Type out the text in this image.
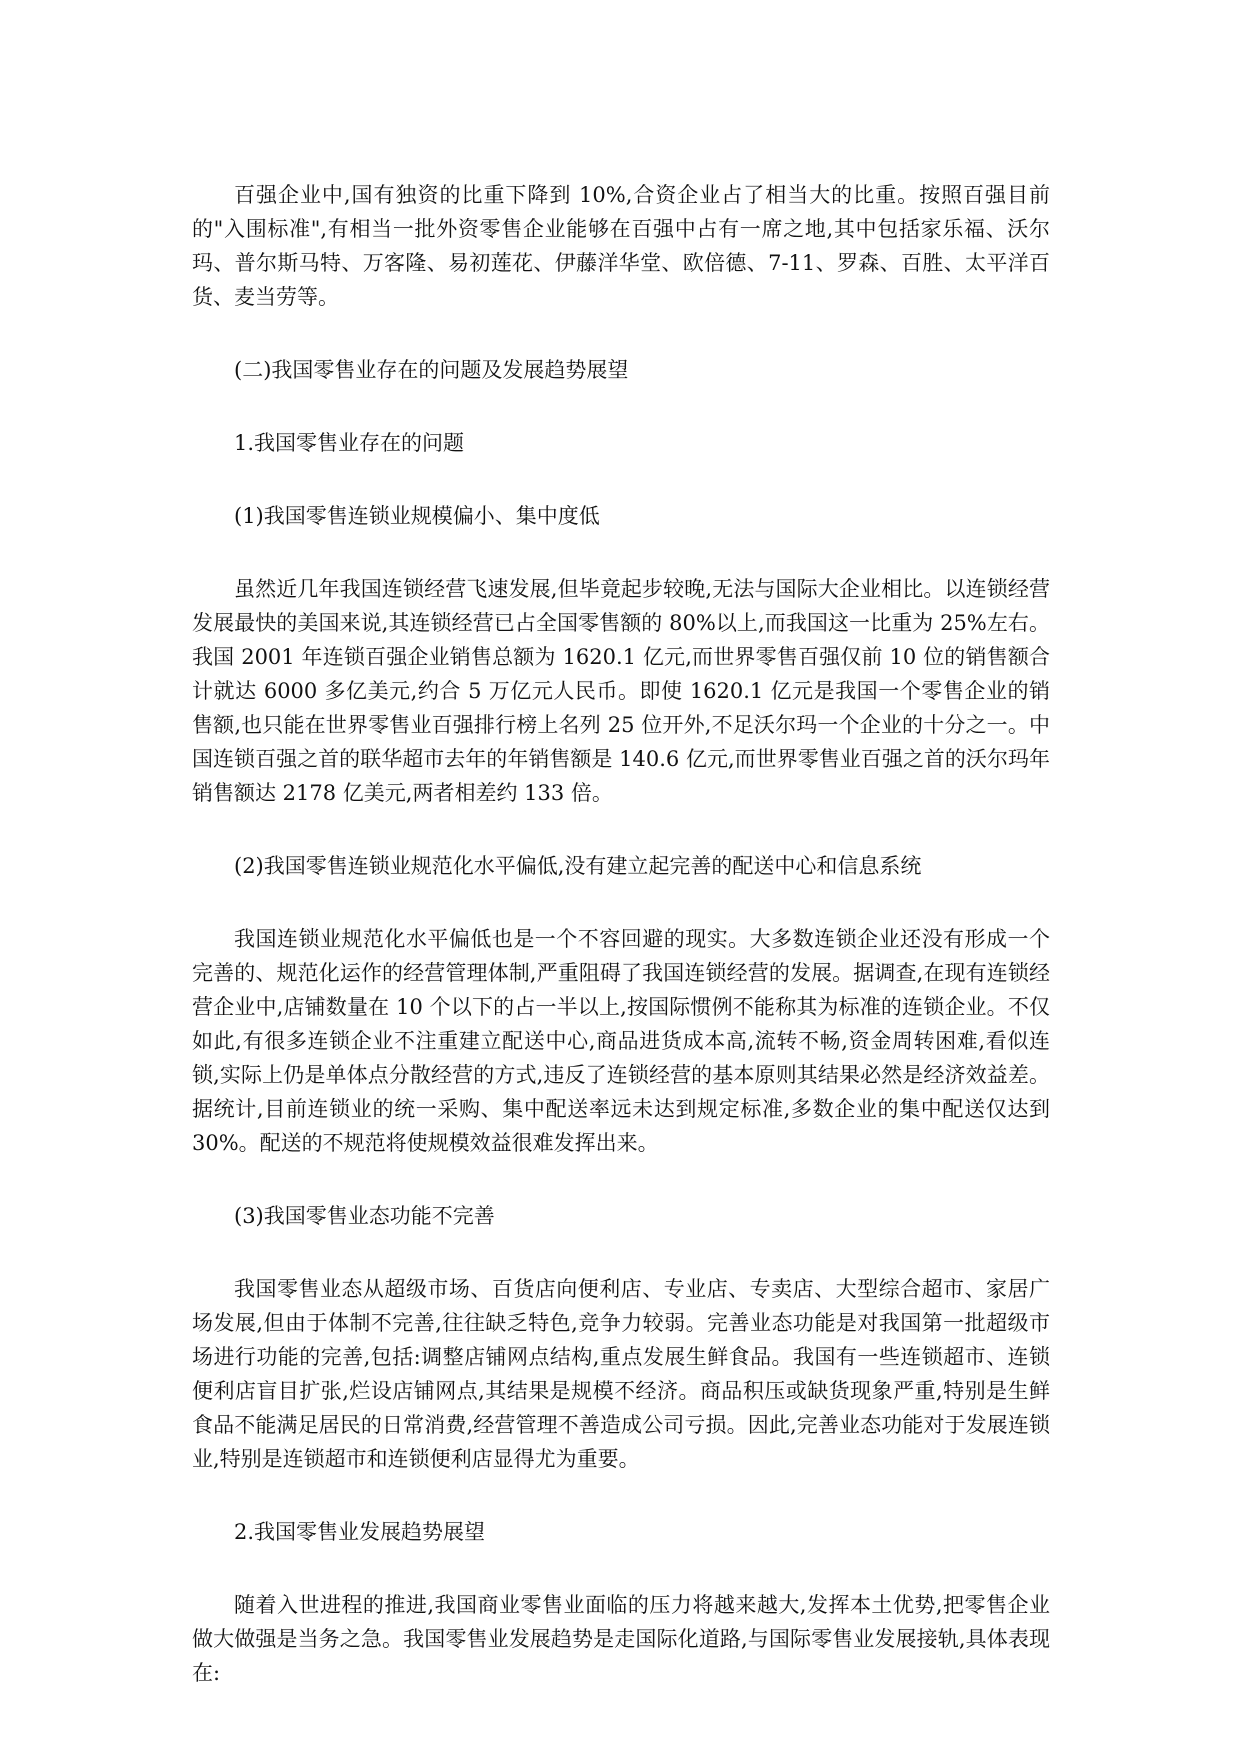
百强企业中,国有独资的比重下降到 10%,合资企业占了相当大的比重。按照百强目前的"入围标准",有相当一批外资零售企业能够在百强中占有一席之地,其中包括家乐福、沃尔玛、普尔斯马特、万客隆、易初莲花、伊藤洋华堂、欧倍德、7-11、罗森、百胜、太平洋百货、麦当劳等。

(二)我国零售业存在的问题及发展趋势展望

1.我国零售业存在的问题

(1)我国零售连锁业规模偏小、集中度低

虽然近几年我国连锁经营飞速发展,但毕竟起步较晚,无法与国际大企业相比。以连锁经营发展最快的美国来说,其连锁经营已占全国零售额的 80%以上,而我国这一比重为 25%左右。我国 2001 年连锁百强企业销售总额为 1620.1 亿元,而世界零售百强仅前 10 位的销售额合计就达 6000 多亿美元,约合 5 万亿元人民币。即使 1620.1 亿元是我国一个零售企业的销售额,也只能在世界零售业百强排行榜上名列 25 位开外,不足沃尔玛一个企业的十分之一。中国连锁百强之首的联华超市去年的年销售额是 140.6 亿元,而世界零售业百强之首的沃尔玛年销售额达 2178 亿美元,两者相差约 133 倍。

(2)我国零售连锁业规范化水平偏低,没有建立起完善的配送中心和信息系统

我国连锁业规范化水平偏低也是一个不容回避的现实。大多数连锁企业还没有形成一个完善的、规范化运作的经营管理体制,严重阻碍了我国连锁经营的发展。据调查,在现有连锁经营企业中,店铺数量在 10 个以下的占一半以上,按国际惯例不能称其为标准的连锁企业。不仅如此,有很多连锁企业不注重建立配送中心,商品进货成本高,流转不畅,资金周转困难,看似连锁,实际上仍是单体点分散经营的方式,违反了连锁经营的基本原则其结果必然是经济效益差。据统计,目前连锁业的统一采购、集中配送率远未达到规定标准,多数企业的集中配送仅达到 30%。配送的不规范将使规模效益很难发挥出来。

(3)我国零售业态功能不完善

我国零售业态从超级市场、百货店向便利店、专业店、专卖店、大型综合超市、家居广场发展,但由于体制不完善,往往缺乏特色,竞争力较弱。完善业态功能是对我国第一批超级市场进行功能的完善,包括:调整店铺网点结构,重点发展生鲜食品。我国有一些连锁超市、连锁便利店盲目扩张,烂设店铺网点,其结果是规模不经济。商品积压或缺货现象严重,特别是生鲜食品不能满足居民的日常消费,经营管理不善造成公司亏损。因此,完善业态功能对于发展连锁业,特别是连锁超市和连锁便利店显得尤为重要。

2.我国零售业发展趋势展望

随着入世进程的推进,我国商业零售业面临的压力将越来越大,发挥本土优势,把零售企业做大做强是当务之急。我国零售业发展趋势是走国际化道路,与国际零售业发展接轨,具体表现在:
